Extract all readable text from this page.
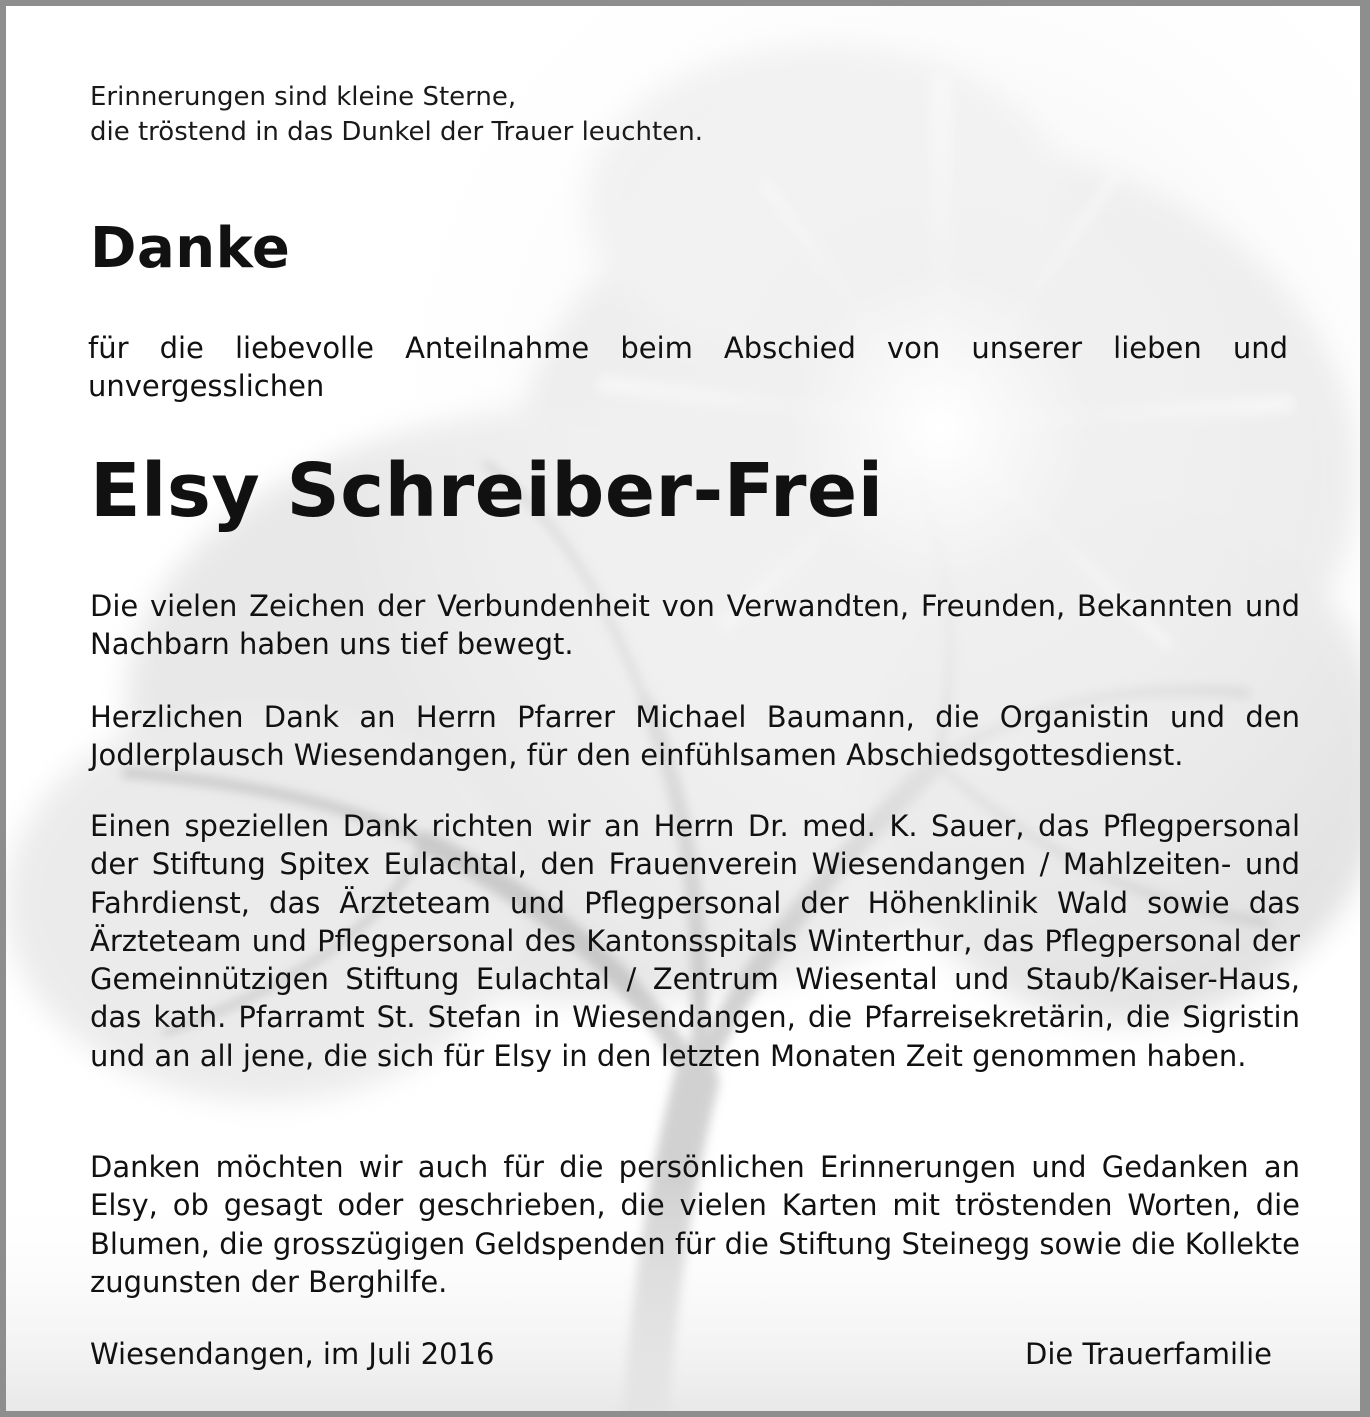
Erinnerungen sind kleine Sterne,
die tröstend in das Dunkel der Trauer leuchten.
Danke
für die liebevolle Anteilnahme beim Abschied von unserer lieben und unvergesslichen
Elsy Schreiber-Frei
Die vielen Zeichen der Verbundenheit von Verwandten, Freunden, Bekannten und Nachbarn haben uns tief bewegt.
Herzlichen Dank an Herrn Pfarrer Michael Baumann, die Organistin und den Jodlerplausch Wiesendangen, für den einfühlsamen Abschiedsgottesdienst.
Einen speziellen Dank richten wir an Herrn Dr. med. K. Sauer, das Pflegpersonal der Stiftung Spitex Eulachtal, den Frauenverein Wiesendangen / Mahlzeiten- und Fahrdienst, das Ärzteteam und Pflegpersonal der Höhenklinik Wald sowie das Ärzteteam und Pflegpersonal des Kantonsspitals Winterthur, das Pflegpersonal der Gemeinnützigen Stiftung Eulachtal / Zentrum Wiesental und Staub/Kaiser-Haus, das kath. Pfarramt St. Stefan in Wiesendangen, die Pfarreisekretärin, die Sigristin und an all jene, die sich für Elsy in den letzten Monaten Zeit genommen haben.
Danken möchten wir auch für die persönlichen Erinnerungen und Gedanken an Elsy, ob gesagt oder geschrieben, die vielen Karten mit tröstenden Worten, die Blumen, die grosszügigen Geldspenden für die Stiftung Steinegg sowie die Kollekte zugunsten der Berghilfe.
Wiesendangen, im Juli 2016	Die Trauerfamilie
